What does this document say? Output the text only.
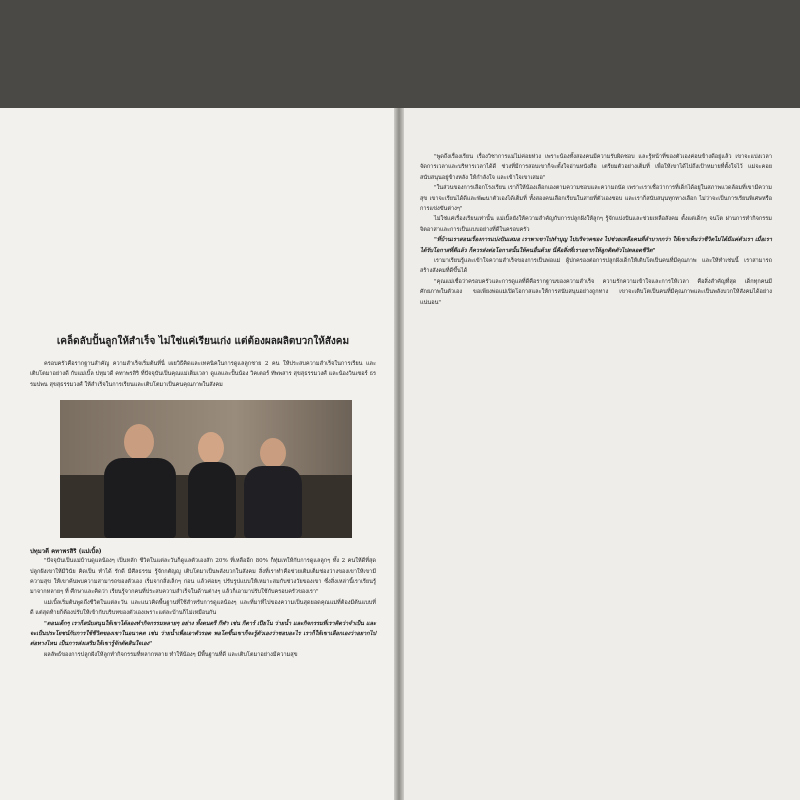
เคล็ดลับปั้นลูกให้สำเร็จ ไม่ใช่แค่เรียนเก่ง แต่ต้องผลผลิตบวกให้สังคม

ครอบครัวคือรากฐานสำคัญ ความสำเร็จเริ่มต้นที่นี่ เผยวิธีคิดและเทคนิคในการดูแลลูกชาย 2 คน ให้ประสบความสำเร็จในการเรียน และเติบโตมาอย่างดี กับแม่เบิ้ล ปทุมวดี คทาพรสิริ ที่ปัจจุบันเป็นคุณแม่เต็มเวลา ดูแลและปั้นน้อง วิคเตอร์ ทัพพสาร สุขสุธรรมวงศ์ และน้องวินเซอร์ ธรรมปพน สุขสุธรรมวงศ์ ให้สำเร็จในการเรียนและเติบโตมาเป็นคนคุณภาพในสังคม

ปทุมวดี คทาพรสิริ (แม่เบิ้ล)

"ปัจจุบันเป็นแม่บ้านดูแลน้องๆ เป็นหลัก ชีวิตในแต่ละวันก็ดูแลตัวเองสัก 20% ที่เหลืออีก 80% ก็ทุ่มเทให้กับการดูแลลูกๆ ทั้ง 2 คนให้ดีที่สุด ปลูกฝังเขาให้มีวินัย คิดเป็น ทำได้ รักดี มีศีลธรรม รู้จักกตัญญู เติบโตมาเป็นพลังบวกในสังคม สิ่งที่เราทำคือช่วยเติมเต็มช่องว่างของเขาให้เขามีความสุข ให้เขาค้นพบความสามารถของตัวเอง เริ่มจากสิ่งเล็กๆ ก่อน แล้วค่อยๆ ปรับรูปแบบให้เหมาะสมกับช่วงวัยของเขา ซึ่งสิ่งเหล่านี้เราเรียนรู้มาจากหลายๆ ที่ ศึกษาและคิดว่า เรียนรู้จากคนที่ประสบความสำเร็จในด้านต่างๆ แล้วก็เอามาปรับใช้กับครอบครัวของเรา"

แม่เบิ้ลเริ่มต้นพูดถึงชีวิตในแต่ละวัน และแนวคิดพื้นฐานที่ใช้สำหรับการดูแลน้องๆ และที่มาที่ไปของความเป็นสุดยอดคุณแม่ที่ต้องมีต้นแบบที่ดี แต่สุดท้ายก็ต้องปรับให้เข้ากับบริบทของตัวเองเพราะแต่ละบ้านก็ไม่เหมือนกัน

"ตอนเด็กๆ เราก็สนับสนุนให้เขาได้ลองทำกิจกรรมหลายๆ อย่าง ทั้งดนตรี กีฬา เช่น กีตาร์ เปียโน ว่ายน้ำ และกิจกรรมที่เราคิดว่าจำเป็น และจะเป็นประโยชน์กับการใช้ชีวิตของเขาในอนาคต เช่น ว่ายน้ำเพื่อเอาตัวรอด พอโตขึ้นเขาก็จะรู้ตัวเองว่าชอบอะไร เราก็ให้เขาเลือกเองว่าอยากไปต่อทางไหน เป็นการส่งเสริมให้เขารู้จักตัดสินใจเอง"

ผลลัพธ์ของการปลูกฝังให้ลูกทำกิจกรรมที่หลากหลาย ทำให้น้องๆ มีพื้นฐานที่ดี และเติบโตมาอย่างมีความสุข

"พูดถึงเรื่องเรียน เรื่องวิชาการแม่ไม่ค่อยห่วง เพราะน้องทั้งสองคนมีความรับผิดชอบ และรู้หน้าที่ของตัวเองค่อนข้างดีอยู่แล้ว เขาจะแบ่งเวลา จัดการเวลาและบริหารเวลาได้ดี ช่วงที่มีการสอบเขาก็จะตั้งใจอ่านหนังสือ เตรียมตัวอย่างเต็มที่ เพื่อให้เขาได้ไปถึงเป้าหมายที่ตั้งใจไว้ แม่จะคอยสนับสนุนอยู่ข้างหลัง ให้กำลังใจ และเข้าใจเขาเสมอ"

"ในส่วนของการเลือกโรงเรียน เราก็ให้น้องเลือกเองตามความชอบและความถนัด เพราะเราเชื่อว่าการที่เด็กได้อยู่ในสภาพแวดล้อมที่เขามีความสุข เขาจะเรียนได้ดีและพัฒนาตัวเองได้เต็มที่ ทั้งสองคนเลือกเรียนในสายที่ตัวเองชอบ และเราก็สนับสนุนทุกทางเลือก ไม่ว่าจะเป็นการเรียนพิเศษหรือการแข่งขันต่างๆ"

ไม่ใช่แค่เรื่องเรียนเท่านั้น แม่เบิ้ลยังให้ความสำคัญกับการปลูกฝังให้ลูกๆ รู้จักแบ่งปันและช่วยเหลือสังคม ตั้งแต่เด็กๆ จนโต ผ่านการทำกิจกรรมจิตอาสาและการเป็นแบบอย่างที่ดีในครอบครัว

"ที่บ้านเราสอนเรื่องการแบ่งปันเสมอ เราพาเขาไปทำบุญ ไปบริจาคของ ไปช่วยเหลือคนที่ลำบากกว่า ให้เขาเห็นว่าชีวิตไม่ได้มีแค่ตัวเรา เมื่อเราได้รับโอกาสที่ดีแล้ว ก็ควรส่งต่อโอกาสนั้นให้คนอื่นด้วย นี่คือสิ่งที่เราอยากให้ลูกติดตัวไปตลอดชีวิต"

เรามาเรียนรู้และเข้าใจความสำเร็จของการเป็นพ่อแม่ ผู้ปกครองต่อการปลูกฝังเด็กให้เติบโตเป็นคนที่มีคุณภาพ และให้ทำเช่นนี้ เราสามารถสร้างสังคมที่ดีขึ้นได้

"คุณแม่เชื่อว่าครอบครัวและการดูแลที่ดีคือรากฐานของความสำเร็จ ความรักความเข้าใจและการให้เวลา คือสิ่งสำคัญที่สุด เด็กทุกคนมีศักยภาพในตัวเอง ขอเพียงพ่อแม่เปิดโอกาสและให้การสนับสนุนอย่างถูกทาง เขาจะเติบโตเป็นคนที่มีคุณภาพและเป็นพลังบวกให้สังคมได้อย่างแน่นอน"
